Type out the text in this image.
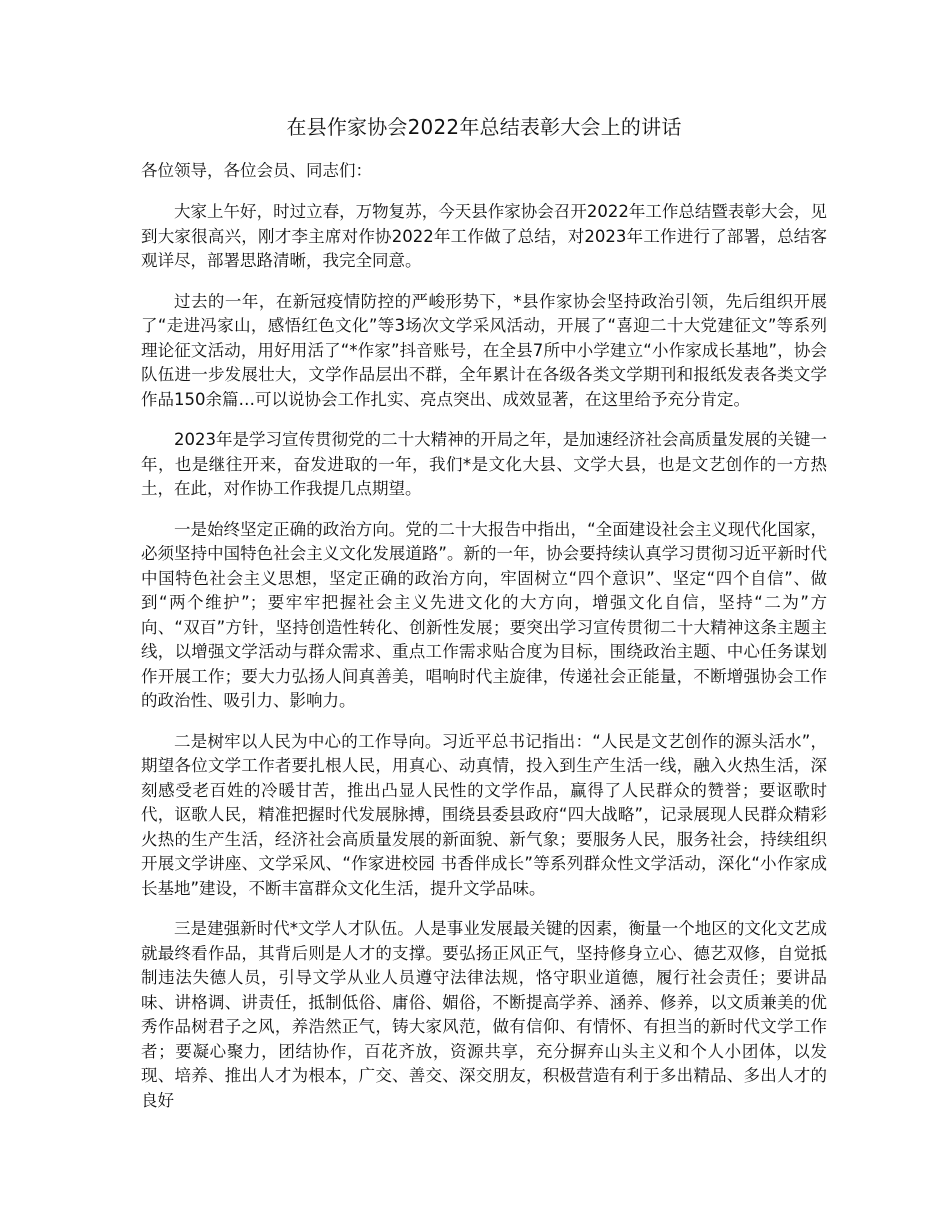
在县作家协会2022年总结表彰大会上的讲话

各位领导，各位会员、同志们：

大家上午好，时过立春，万物复苏，今天县作家协会召开2022年工作总结暨表彰大会，见到大家很高兴，刚才李主席对作协2022年工作做了总结，对2023年工作进行了部署，总结客观详尽，部署思路清晰，我完全同意。

过去的一年，在新冠疫情防控的严峻形势下，*县作家协会坚持政治引领，先后组织开展了“走进冯家山，感悟红色文化”等3场次文学采风活动，开展了“喜迎二十大党建征文”等系列理论征文活动，用好用活了“*作家”抖音账号，在全县7所中小学建立“小作家成长基地”，协会队伍进一步发展壮大，文学作品层出不群，全年累计在各级各类文学期刊和报纸发表各类文学作品150余篇…可以说协会工作扎实、亮点突出、成效显著，在这里给予充分肯定。

2023年是学习宣传贯彻党的二十大精神的开局之年，是加速经济社会高质量发展的关键一年，也是继往开来，奋发进取的一年，我们*是文化大县、文学大县，也是文艺创作的一方热土，在此，对作协工作我提几点期望。

一是始终坚定正确的政治方向。党的二十大报告中指出，“全面建设社会主义现代化国家，必须坚持中国特色社会主义文化发展道路”。新的一年，协会要持续认真学习贯彻习近平新时代中国特色社会主义思想，坚定正确的政治方向，牢固树立“四个意识”、坚定“四个自信”、做到“两个维护”；要牢牢把握社会主义先进文化的大方向，增强文化自信，坚持“二为”方向、“双百”方针，坚持创造性转化、创新性发展；要突出学习宣传贯彻二十大精神这条主题主线，以增强文学活动与群众需求、重点工作需求贴合度为目标，围绕政治主题、中心任务谋划作开展工作；要大力弘扬人间真善美，唱响时代主旋律，传递社会正能量，不断增强协会工作的政治性、吸引力、影响力。

二是树牢以人民为中心的工作导向。习近平总书记指出：“人民是文艺创作的源头活水”，期望各位文学工作者要扎根人民，用真心、动真情，投入到生产生活一线，融入火热生活，深刻感受老百姓的冷暖甘苦，推出凸显人民性的文学作品，赢得了人民群众的赞誉；要讴歌时代，讴歌人民，精准把握时代发展脉搏，围绕县委县政府“四大战略”，记录展现人民群众精彩火热的生产生活，经济社会高质量发展的新面貌、新气象；要服务人民，服务社会，持续组织开展文学讲座、文学采风、“作家进校园 书香伴成长”等系列群众性文学活动，深化“小作家成长基地”建设，不断丰富群众文化生活，提升文学品味。

三是建强新时代*文学人才队伍。人是事业发展最关键的因素，衡量一个地区的文化文艺成就最终看作品，其背后则是人才的支撑。要弘扬正风正气，坚持修身立心、德艺双修，自觉抵制违法失德人员，引导文学从业人员遵守法律法规，恪守职业道德，履行社会责任；要讲品味、讲格调、讲责任，抵制低俗、庸俗、媚俗，不断提高学养、涵养、修养，以文质兼美的优秀作品树君子之风，养浩然正气，铸大家风范，做有信仰、有情怀、有担当的新时代文学工作者；要凝心聚力，团结协作，百花齐放，资源共享，充分摒弃山头主义和个人小团体，以发现、培养、推出人才为根本，广交、善交、深交朋友，积极营造有利于多出精品、多出人才的良好
